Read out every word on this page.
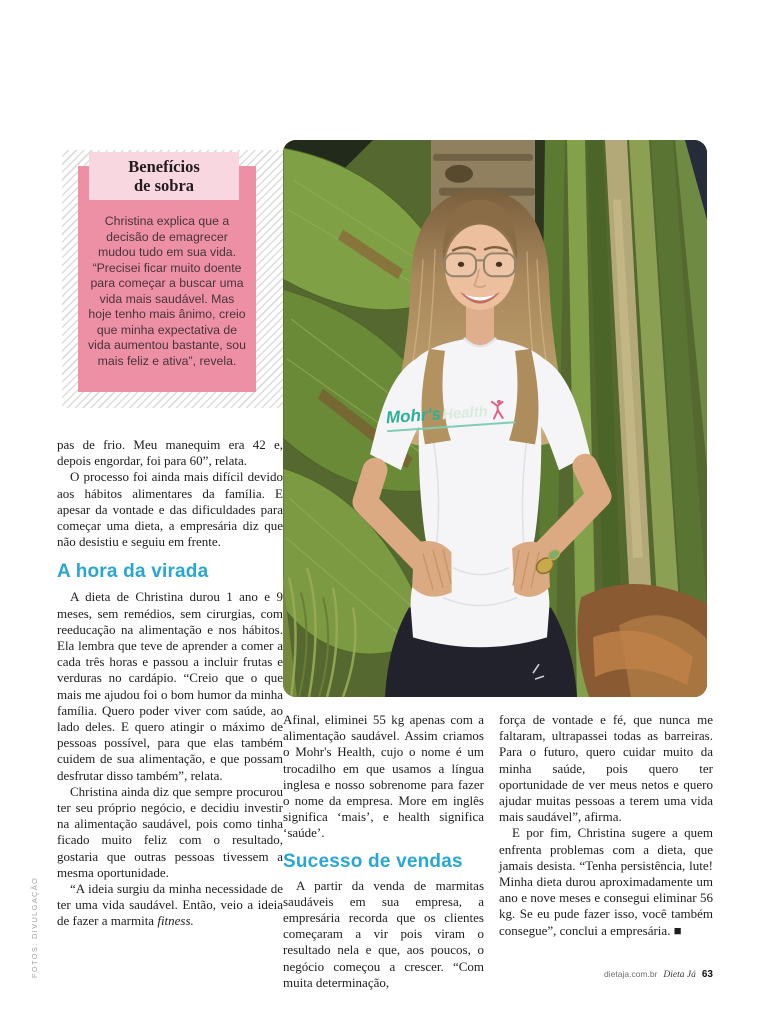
FOTOS: DIVULGAÇÃO
Christina explica que a decisão de emagrecer mudou tudo em sua vida. “Precisei ficar muito doente para começar a buscar uma vida mais saudável. Mas hoje tenho mais ânimo, creio que minha expectativa de vida aumentou bastante, sou mais feliz e ativa”, revela.
Benefícios
de sobra
Mohr'sHealth

pas de frio. Meu manequim era 42 e, depois engordar, foi para 60”, relata.

O processo foi ainda mais difícil devido aos hábitos alimentares da família. E apesar da vontade e das dificuldades para começar uma dieta, a empresária diz que não desistiu e seguiu em frente.

A hora da virada

A dieta de Christina durou 1 ano e 9 meses, sem remédios, sem cirurgias, com reeducação na alimentação e nos hábitos. Ela lembra que teve de aprender a comer a cada três horas e passou a incluir frutas e verduras no cardápio. “Creio que o que mais me ajudou foi o bom humor da minha família. Quero poder viver com saúde, ao lado deles. E quero atingir o máximo de pessoas possível, para que elas também cuidem de sua alimentação, e que possam desfrutar disso também”, relata.

Christina ainda diz que sempre procurou ter seu próprio negócio, e decidiu investir na alimentação saudável, pois como tinha ficado muito feliz com o resultado, gostaria que outras pessoas tivessem a mesma oportunidade.

“A ideia surgiu da minha necessidade de ter uma vida saudável. Então, veio a ideia de fazer a marmita fitness.

Afinal, eliminei 55 kg apenas com a alimentação saudável. Assim criamos o Mohr's Health, cujo o nome é um trocadilho em que usamos a língua inglesa e nosso sobrenome para fazer o nome da empresa. More em inglês significa ‘mais’, e health significa ‘saúde’.

Sucesso de vendas

A partir da venda de marmitas saudáveis em sua empresa, a empresária recorda que os clientes começaram a vir pois viram o resultado nela e que, aos poucos, o negócio começou a crescer. “Com muita determinação,

força de vontade e fé, que nunca me faltaram, ultrapassei todas as barreiras. Para o futuro, quero cuidar muito da minha saúde, pois quero ter oportunidade de ver meus netos e quero ajudar muitas pessoas a terem uma vida mais saudável”, afirma.

E por fim, Christina sugere a quem enfrenta problemas com a dieta, que jamais desista. “Tenha persistência, lute! Minha dieta durou aproximadamente um ano e nove meses e consegui eliminar 56 kg. Se eu pude fazer isso, você também consegue”, conclui a empresária. ■

dietaja.com.br Dieta Já 63
